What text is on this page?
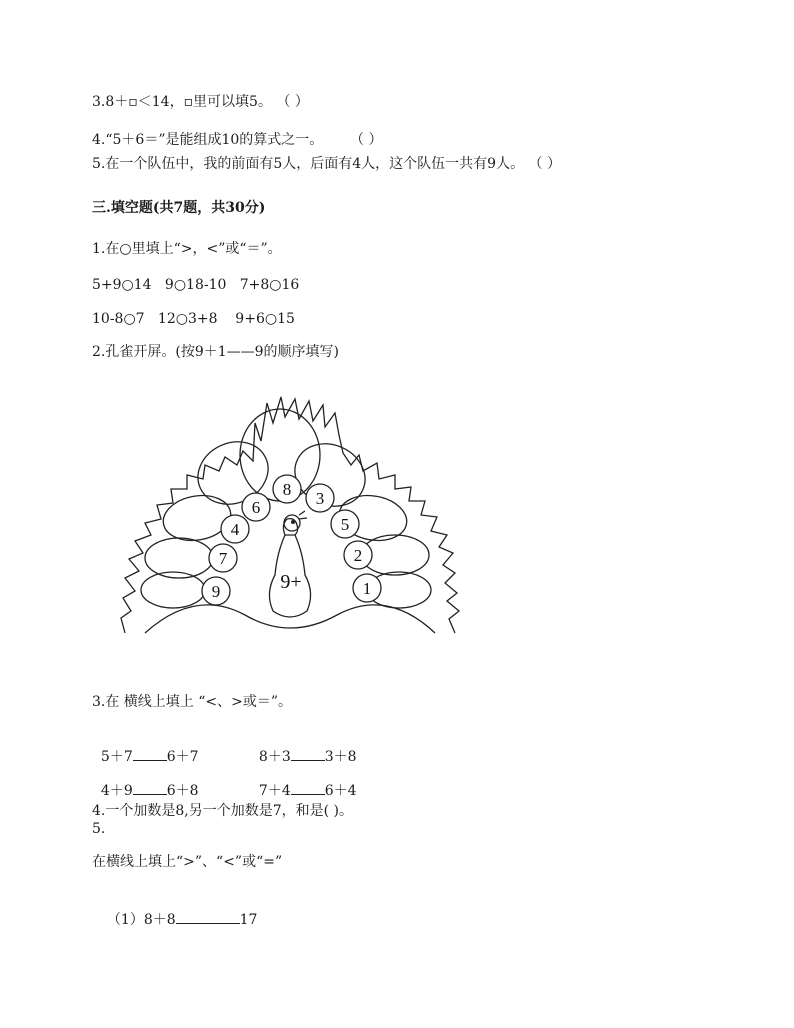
3.8＋▫＜14，▫里可以填5。 （ ）
4.“5＋6＝”是能组成10的算式之一。      （ ）
5.在一个队伍中，我的前面有5人，后面有4人，这个队伍一共有9人。 （ ）
三.填空题(共7题，共30分)
1.在○里填上“>，<”或“＝”。
5+9○14   9○18-10   7+8○16
10-8○7   12○3+8    9+6○15
2.孔雀开屏。(按9＋1——9的顺序填写)
9
7
4
6
8 3
5
2
1
9+
3.在 横线上填上 “<、>或＝”。

5＋7 6＋7	8＋3 3＋8

4＋9 6＋8	7＋4 6＋4

4.一个加数是8,另一个加数是7，和是( )。
5.
在横线上填上“>”、“<”或“=”

（1）8＋8	17
